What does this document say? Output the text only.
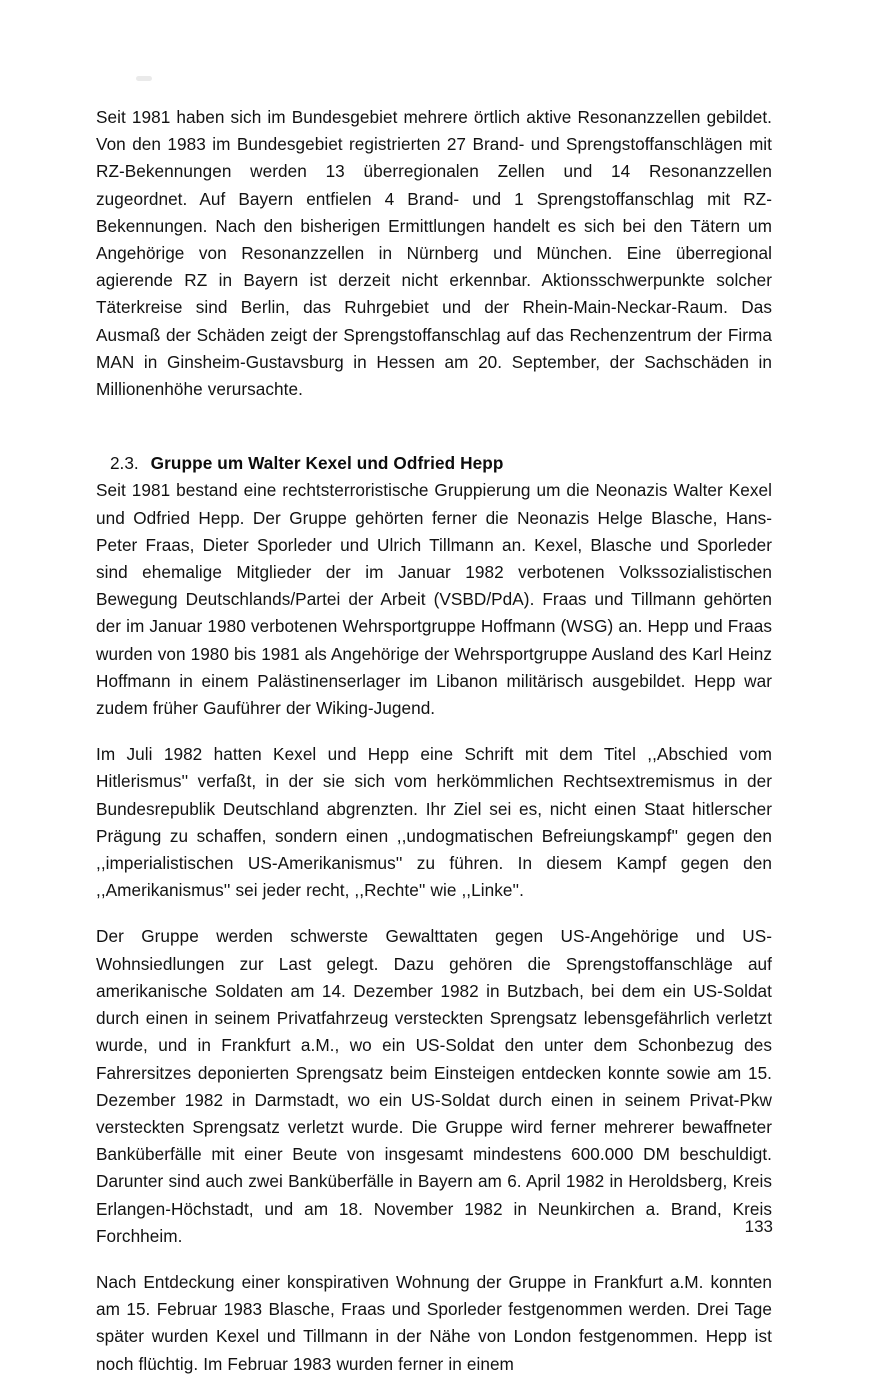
Seit 1981 haben sich im Bundesgebiet mehrere örtlich aktive Resonanzzellen gebildet. Von den 1983 im Bundesgebiet registrierten 27 Brand- und Sprengstoffanschlägen mit RZ-Bekennungen werden 13 überregionalen Zellen und 14 Resonanzzellen zugeordnet. Auf Bayern entfielen 4 Brand- und 1 Sprengstoffanschlag mit RZ-Bekennungen. Nach den bisherigen Ermittlungen handelt es sich bei den Tätern um Angehörige von Resonanzzellen in Nürnberg und München. Eine überregional agierende RZ in Bayern ist derzeit nicht erkennbar. Aktionsschwerpunkte solcher Täterkreise sind Berlin, das Ruhrgebiet und der Rhein-Main-Neckar-Raum. Das Ausmaß der Schäden zeigt der Sprengstoffanschlag auf das Rechenzentrum der Firma MAN in Ginsheim-Gustavsburg in Hessen am 20. September, der Sachschäden in Millionenhöhe verursachte.

2.3. Gruppe um Walter Kexel und Odfried Hepp

Seit 1981 bestand eine rechtsterroristische Gruppierung um die Neonazis Walter Kexel und Odfried Hepp. Der Gruppe gehörten ferner die Neonazis Helge Blasche, Hans-Peter Fraas, Dieter Sporleder und Ulrich Tillmann an. Kexel, Blasche und Sporleder sind ehemalige Mitglieder der im Januar 1982 verbotenen Volkssozialistischen Bewegung Deutschlands/Partei der Arbeit (VSBD/PdA). Fraas und Tillmann gehörten der im Januar 1980 verbotenen Wehrsportgruppe Hoffmann (WSG) an. Hepp und Fraas wurden von 1980 bis 1981 als Angehörige der Wehrsportgruppe Ausland des Karl Heinz Hoffmann in einem Palästinenserlager im Libanon militärisch ausgebildet. Hepp war zudem früher Gauführer der Wiking-Jugend.

Im Juli 1982 hatten Kexel und Hepp eine Schrift mit dem Titel ,,Abschied vom Hitlerismus'' verfaßt, in der sie sich vom herkömmlichen Rechtsextremismus in der Bundesrepublik Deutschland abgrenzten. Ihr Ziel sei es, nicht einen Staat hitlerscher Prägung zu schaffen, sondern einen ,,undogmatischen Befreiungskampf'' gegen den ,,imperialistischen US-Amerikanismus'' zu führen. In diesem Kampf gegen den ,,Amerikanismus'' sei jeder recht, ,,Rechte'' wie ,,Linke''.

Der Gruppe werden schwerste Gewalttaten gegen US-Angehörige und US-Wohnsiedlungen zur Last gelegt. Dazu gehören die Sprengstoffanschläge auf amerikanische Soldaten am 14. Dezember 1982 in Butzbach, bei dem ein US-Soldat durch einen in seinem Privatfahrzeug versteckten Sprengsatz lebensgefährlich verletzt wurde, und in Frankfurt a.M., wo ein US-Soldat den unter dem Schonbezug des Fahrersitzes deponierten Sprengsatz beim Einsteigen entdecken konnte sowie am 15. Dezember 1982 in Darmstadt, wo ein US-Soldat durch einen in seinem Privat-Pkw versteckten Sprengsatz verletzt wurde. Die Gruppe wird ferner mehrerer bewaffneter Banküberfälle mit einer Beute von insgesamt mindestens 600.000 DM beschuldigt. Darunter sind auch zwei Banküberfälle in Bayern am 6. April 1982 in Heroldsberg, Kreis Erlangen-Höchstadt, und am 18. November 1982 in Neunkirchen a. Brand, Kreis Forchheim.

Nach Entdeckung einer konspirativen Wohnung der Gruppe in Frankfurt a.M. konnten am 15. Februar 1983 Blasche, Fraas und Sporleder festgenommen werden. Drei Tage später wurden Kexel und Tillmann in der Nähe von London festgenommen. Hepp ist noch flüchtig. Im Februar 1983 wurden ferner in einem

133
